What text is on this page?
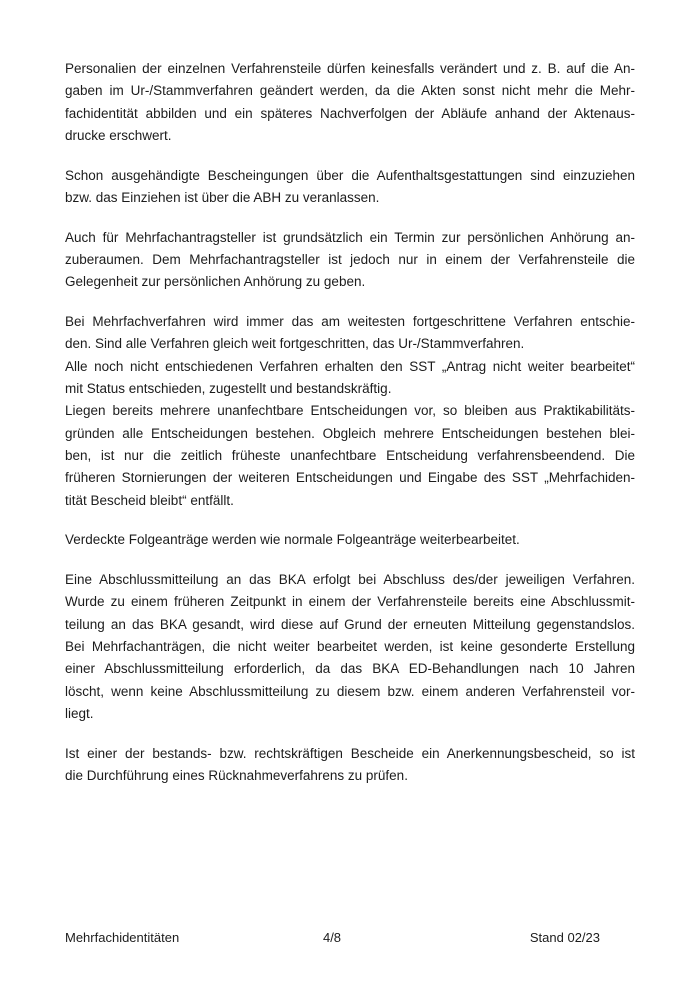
Personalien der einzelnen Verfahrensteile dürfen keinesfalls verändert und z. B. auf die An-
gaben im Ur-/Stammverfahren geändert werden, da die Akten sonst nicht mehr die Mehr-
fachidentität abbilden und ein späteres Nachverfolgen der Abläufe anhand der Aktenaus-
drucke erschwert.
Schon ausgehändigte Bescheingungen über die Aufenthaltsgestattungen sind einzuziehen
bzw. das Einziehen ist über die ABH zu veranlassen.
Auch für Mehrfachantragsteller ist grundsätzlich ein Termin zur persönlichen Anhörung an-
zuberaumen. Dem Mehrfachantragsteller ist jedoch nur in einem der Verfahrensteile die
Gelegenheit zur persönlichen Anhörung zu geben.
Bei Mehrfachverfahren wird immer das am weitesten fortgeschrittene Verfahren entschie-
den. Sind alle Verfahren gleich weit fortgeschritten, das Ur-/Stammverfahren.
Alle noch nicht entschiedenen Verfahren erhalten den SST „Antrag nicht weiter bearbeitet“
mit Status entschieden, zugestellt und bestandskräftig.
Liegen bereits mehrere unanfechtbare Entscheidungen vor, so bleiben aus Praktikabilitäts-
gründen alle Entscheidungen bestehen. Obgleich mehrere Entscheidungen bestehen blei-
ben, ist nur die zeitlich früheste unanfechtbare Entscheidung verfahrensbeendend. Die
früheren Stornierungen der weiteren Entscheidungen und Eingabe des SST „Mehrfachiden-
tität Bescheid bleibt“ entfällt.
Verdeckte Folgeanträge werden wie normale Folgeanträge weiterbearbeitet.
Eine Abschlussmitteilung an das BKA erfolgt bei Abschluss des/der jeweiligen Verfahren.
Wurde zu einem früheren Zeitpunkt in einem der Verfahrensteile bereits eine Abschlussmit-
teilung an das BKA gesandt, wird diese auf Grund der erneuten Mitteilung gegenstandslos.
Bei Mehrfachanträgen, die nicht weiter bearbeitet werden, ist keine gesonderte Erstellung
einer Abschlussmitteilung erforderlich, da das BKA ED-Behandlungen nach 10 Jahren
löscht, wenn keine Abschlussmitteilung zu diesem bzw. einem anderen Verfahrensteil vor-
liegt.
Ist einer der bestands- bzw. rechtskräftigen Bescheide ein Anerkennungsbescheid, so ist
die Durchführung eines Rücknahmeverfahrens zu prüfen.
Mehrfachidentitäten	4/8	Stand 02/23
